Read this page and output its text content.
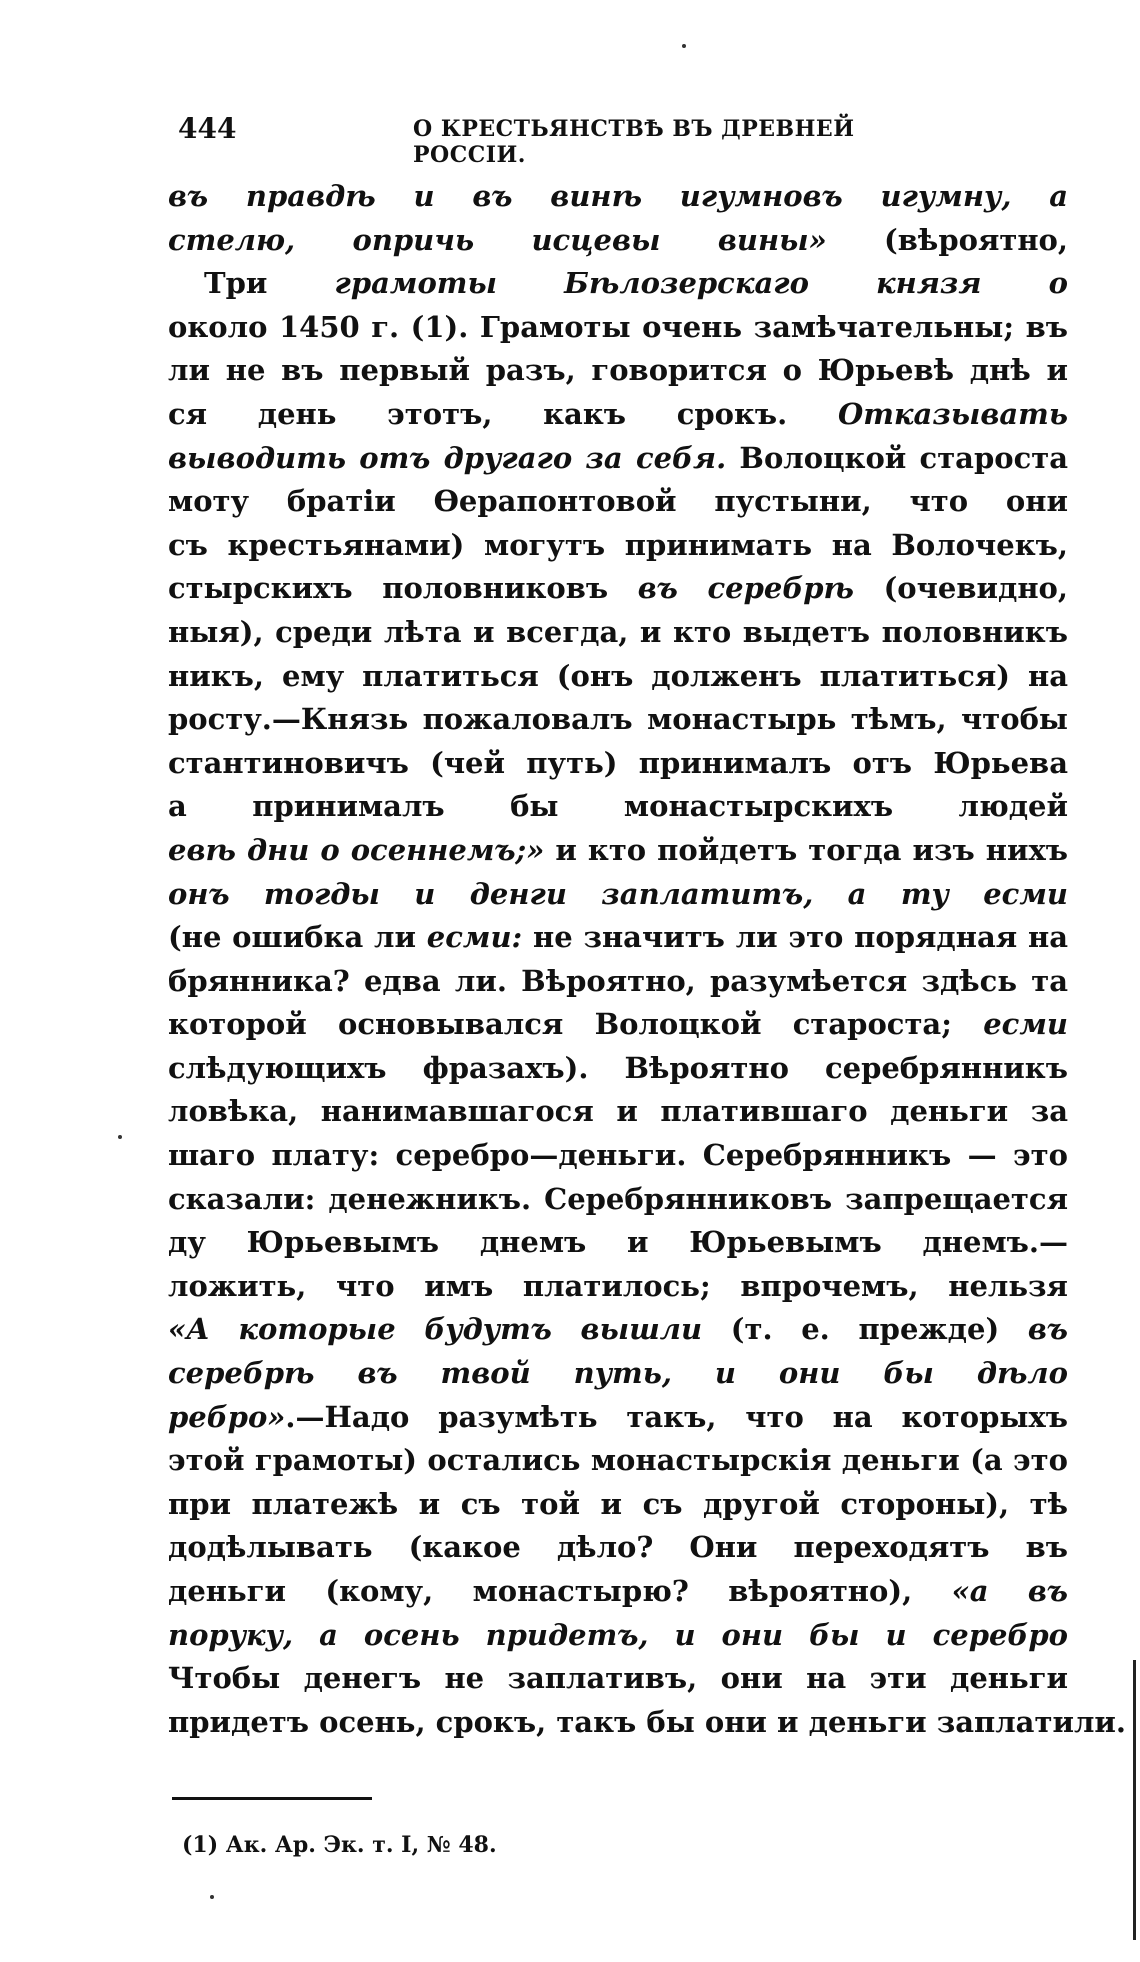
444	О КРЕСТЬЯНСТВѢ ВЪ ДРЕВНЕЙ РОССІИ.
въ правдѣ и въ винѣ игумновъ игумну, а
стелю, опричь исцевы вины» (вѣроятно,
Три грамоты Бѣлозерскаго князя о
около 1450 г. (1). Грамоты очень замѣчательны; въ
ли не въ первый разъ, говорится о Юрьевѣ днѣ и
ся день этотъ, какъ срокъ. Отказывать
выводить отъ другаго за себя. Волоцкой староста
моту братіи Ѳерапонтовой пустыни, что они
съ крестьянами) могутъ принимать на Волочекъ,
стырскихъ половниковъ въ серебрѣ (очевидно,
ныя), среди лѣта и всегда, и кто выдетъ половникъ
никъ, ему платиться (онъ долженъ платиться) на
росту.—Князь пожаловалъ монастырь тѣмъ, чтобы
стантиновичъ (чей путь) принималъ отъ Юрьева
а принималъ бы монастырскихъ людей
евѣ дни о осеннемъ;» и кто пойдетъ тогда изъ нихъ
онъ тогды и денги заплатитъ, а ту есми
(не ошибка ли есми: не значитъ ли это порядная на
брянника? едва ли. Вѣроятно, разумѣется здѣсь та
которой основывался Волоцкой староста; есми
слѣдующихъ фразахъ). Вѣроятно серебрянникъ
ловѣка, нанимавшагося и платившаго деньги за
шаго плату: серебро—деньги. Серебрянникъ — это
сказали: денежникъ. Серебрянниковъ запрещается
ду Юрьевымъ днемъ и Юрьевымъ днемъ.—
ложить, что имъ платилось; впрочемъ, нельзя
«А которые будутъ вышли (т. е. прежде) въ
серебрѣ въ твой путь, и они бы дѣло
ребро».—Надо разумѣть такъ, что на которыхъ
этой грамоты) остались монастырскія деньги (а это
при платежѣ и съ той и съ другой стороны), тѣ
додѣлывать (какое дѣло? Они переходятъ въ
деньги (кому, монастырю? вѣроятно), «а въ
поруку, а осень придетъ, и они бы и серебро
Чтобы денегъ не заплативъ, они на эти деньги
придетъ осень, срокъ, такъ бы они и деньги заплатили.
(1) Ак. Ар. Эк. т. I, № 48.
